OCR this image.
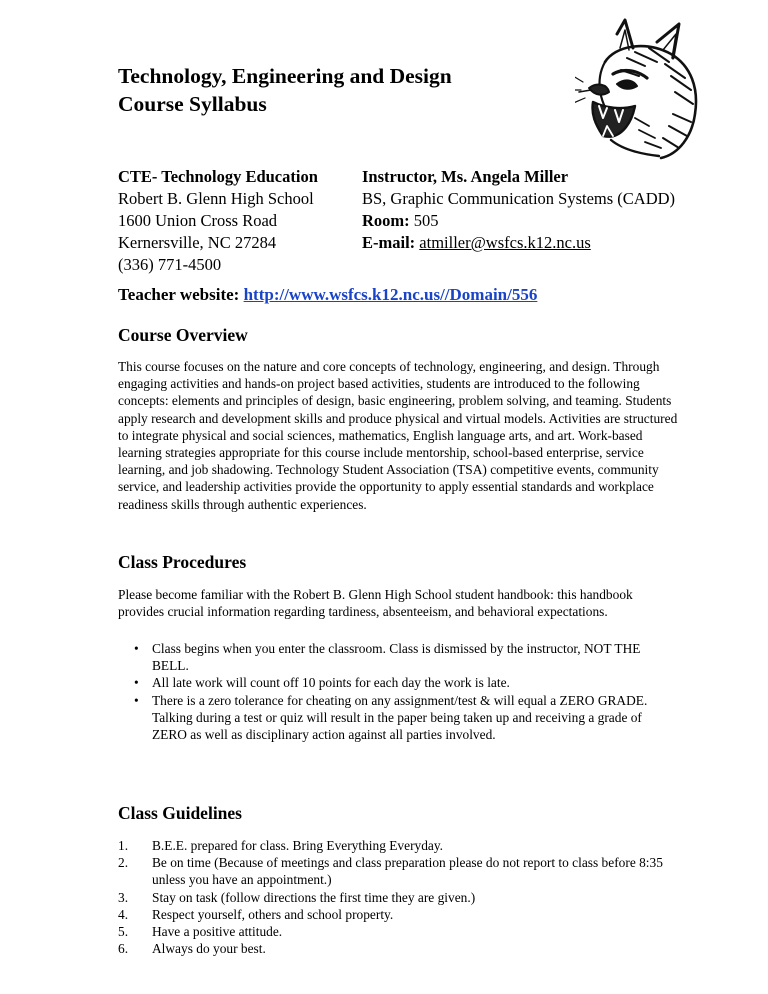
Technology, Engineering and Design
Course Syllabus
CTE- Technology Education
Robert B. Glenn High School
1600 Union Cross Road
Kernersville, NC 27284
(336) 771-4500
Instructor, Ms. Angela Miller
BS, Graphic Communication Systems (CADD)
Room: 505
E-mail: atmiller@wsfcs.k12.nc.us
Teacher website: http://www.wsfcs.k12.nc.us//Domain/556
Course Overview

This course focuses on the nature and core concepts of technology, engineering, and design. Through engaging activities and hands-on project based activities, students are introduced to the following concepts: elements and principles of design, basic engineering, problem solving, and teaming. Students apply research and development skills and produce physical and virtual models. Activities are structured to integrate physical and social sciences, mathematics, English language arts, and art. Work-based learning strategies appropriate for this course include mentorship, school-based enterprise, service learning, and job shadowing. Technology Student Association (TSA) competitive events, community service, and leadership activities provide the opportunity to apply essential standards and workplace readiness skills through authentic experiences.

Class Procedures

Please become familiar with the Robert B. Glenn High School student handbook: this handbook provides crucial information regarding tardiness, absenteeism, and behavioral expectations.

• Class begins when you enter the classroom. Class is dismissed by the instructor, NOT THE BELL.
• All late work will count off 10 points for each day the work is late.
• There is a zero tolerance for cheating on any assignment/test & will equal a ZERO GRADE. Talking during a test or quiz will result in the paper being taken up and receiving a grade of ZERO as well as disciplinary action against all parties involved.
Class Guidelines
1. B.E.E. prepared for class. Bring Everything Everyday.
2. Be on time (Because of meetings and class preparation please do not report to class before 8:35 unless you have an appointment.)
3. Stay on task (follow directions the first time they are given.)
4. Respect yourself, others and school property.
5. Have a positive attitude.
6. Always do your best.
